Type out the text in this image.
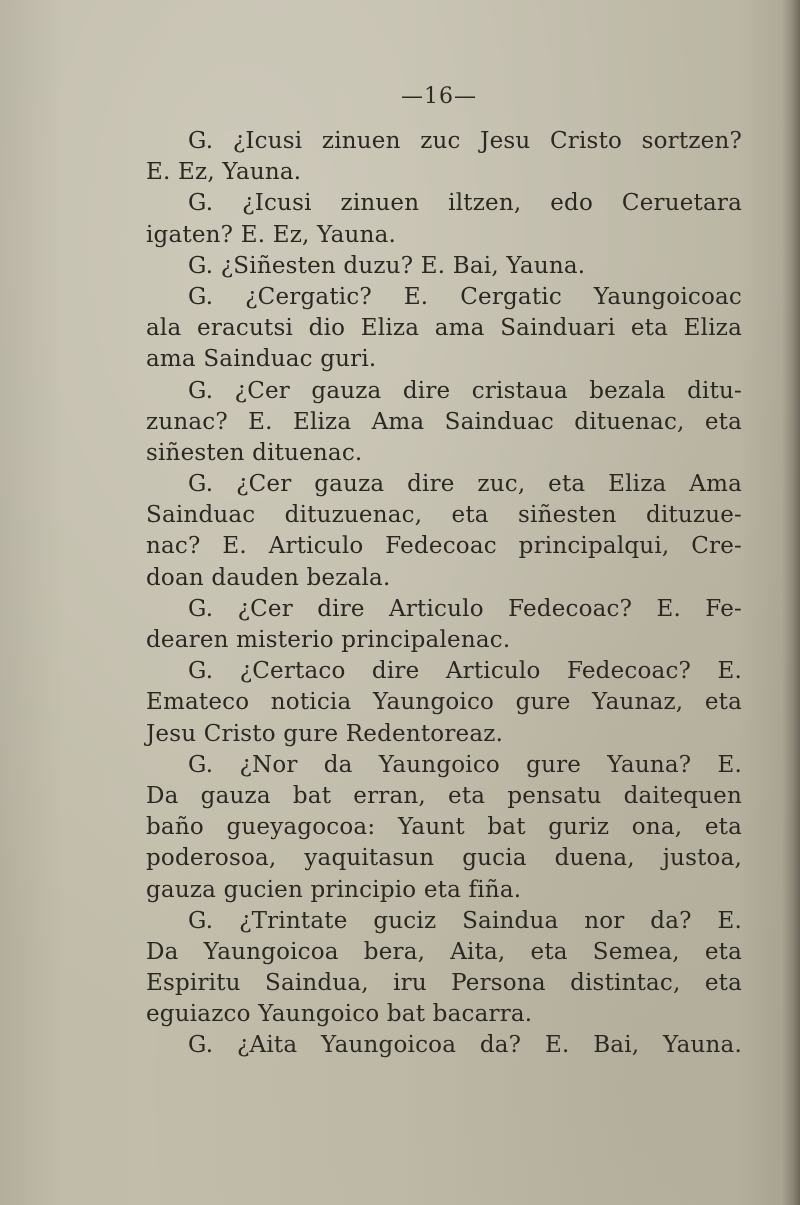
—16—
G. ¿Icusi zinuen zuc Jesu Cristo sortzen?
E. Ez, Yauna.
G. ¿Icusi zinuen iltzen, edo Ceruetara
igaten? E. Ez, Yauna.
G. ¿Siñesten duzu? E. Bai, Yauna.
G. ¿Cergatic? E. Cergatic Yaungoicoac
ala eracutsi dio Eliza ama Sainduari eta Eliza
ama Sainduac guri.
G. ¿Cer gauza dire cristaua bezala ditu-
zunac? E. Eliza Ama Sainduac dituenac, eta
siñesten dituenac.
G. ¿Cer gauza dire zuc, eta Eliza Ama
Sainduac dituzuenac, eta siñesten dituzue-
nac? E. Articulo Fedecoac principalqui, Cre-
doan dauden bezala.
G. ¿Cer dire Articulo Fedecoac? E. Fe-
dearen misterio principalenac.
G. ¿Certaco dire Articulo Fedecoac? E.
Emateco noticia Yaungoico gure Yaunaz, eta
Jesu Cristo gure Redentoreaz.
G. ¿Nor da Yaungoico gure Yauna? E.
Da gauza bat erran, eta pensatu daitequen
baño gueyagocoa: Yaunt bat guriz ona, eta
poderosoa, yaquitasun gucia duena, justoa,
gauza gucien principio eta fiña.
G. ¿Trintate guciz Saindua nor da? E.
Da Yaungoicoa bera, Aita, eta Semea, eta
Espiritu Saindua, iru Persona distintac, eta
eguiazco Yaungoico bat bacarra.
G. ¿Aita Yaungoicoa da? E. Bai, Yauna.
